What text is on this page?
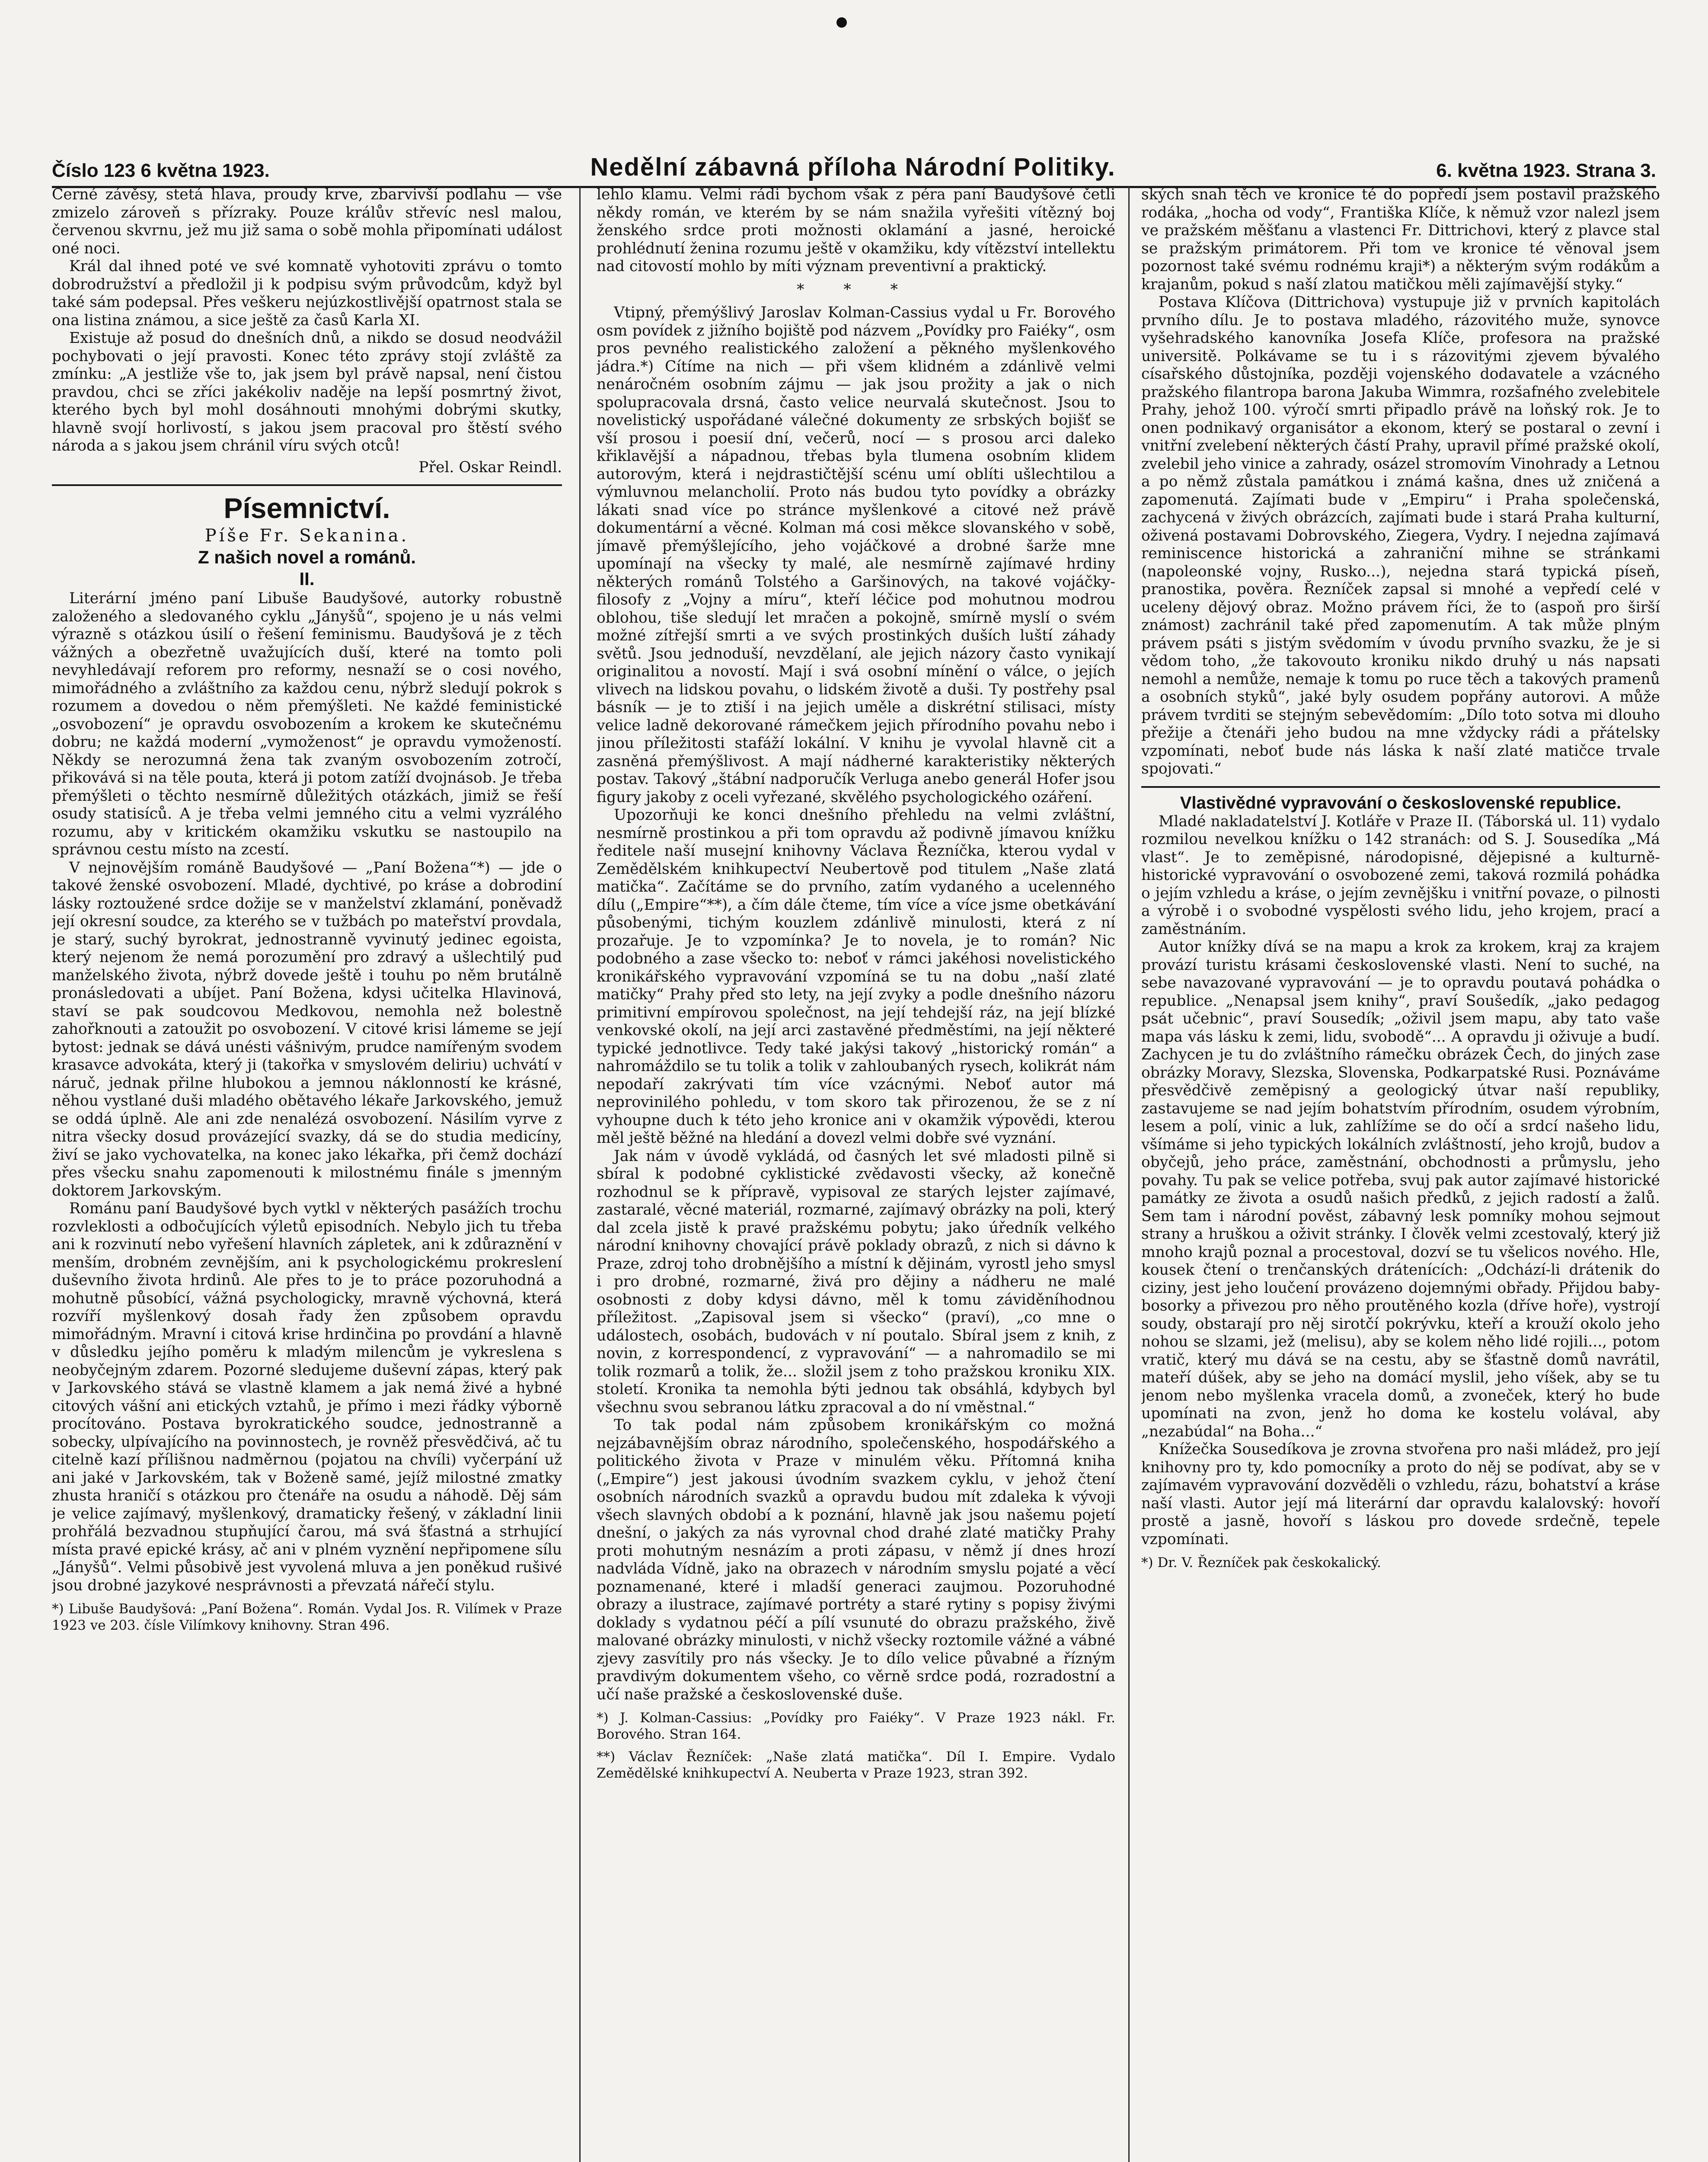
Číslo 123 6 května 1923.	Nedělní zábavná příloha Národní Politiky.	6. května 1923. Strana 3.

Černé závěsy, stetá hlava, proudy krve, zbarvivší podlahu — vše zmizelo zároveň s přízraky. Pouze králův střevíc nesl malou, červenou skvrnu, jež mu již sama o sobě mohla připomínati událost oné noci.

Král dal ihned poté ve své komnatě vyhotoviti zprávu o tomto dobrodružství a předložil ji k podpisu svým průvodcům, když byl také sám podepsal. Přes veškeru nejúzkostlivější opatrnost stala se ona listina známou, a sice ještě za časů Karla XI.

Existuje až posud do dnešních dnů, a nikdo se dosud neodvážil pochybovati o její pravosti. Konec této zprávy stojí zvláště za zmínku: „A jestliže vše to, jak jsem byl právě napsal, není čistou pravdou, chci se zříci jakékoliv naděje na lepší posmrtný život, kterého bych byl mohl dosáhnouti mnohými dobrými skutky, hlavně svojí horlivostí, s jakou jsem pracoval pro štěstí svého národa a s jakou jsem chránil víru svých otců!

Přel. Oskar Reindl.
Písemnictví.
Píše Fr. Sekanina.
Z našich novel a románů.
II.

Literární jméno paní Libuše Baudyšové, autorky robustně založeného a sledovaného cyklu „Jányšů“, spojeno je u nás velmi výrazně s otázkou úsilí o řešení feminismu. Baudyšová je z těch vážných a obezřetně uvažujících duší, které na tomto poli nevyhledávají reforem pro reformy, nesnaží se o cosi nového, mimořádného a zvláštního za každou cenu, nýbrž sledují pokrok s rozumem a dovedou o něm přemýšleti. Ne každé feministické „osvobození“ je opravdu osvobozením a krokem ke skutečnému dobru; ne každá moderní „vymoženost“ je opravdu vymožeností. Někdy se nerozumná žena tak zvaným osvobozením zotročí, přikovává si na těle pouta, která ji potom zatíží dvojnásob. Je třeba přemýšleti o těchto nesmírně důležitých otázkách, jimiž se řeší osudy statisíců. A je třeba velmi jemného citu a velmi vyzrálého rozumu, aby v kritickém okamžiku vskutku se nastoupilo na správnou cestu místo na zcestí.

V nejnovějším románě Baudyšové — „Paní Božena“*) — jde o takové ženské osvobození. Mladé, dychtivé, po kráse a dobrodiní lásky roztoužené srdce dožije se v manželství zklamání, poněvadž její okresní soudce, za kterého se v tužbách po mateřství provdala, je starý, suchý byrokrat, jednostranně vyvinutý jedinec egoista, který nejenom že nemá porozumění pro zdravý a ušlechtilý pud manželského života, nýbrž dovede ještě i touhu po něm brutálně pronásledovati a ubíjet. Paní Božena, kdysi učitelka Hlavinová, staví se pak soudcovou Medkovou, nemohla než bolestně zahořknouti a zatoužit po osvobození. V citové krisi lámeme se její bytost: jednak se dává unésti vášnivým, prudce namířeným svodem krasavce advokáta, který ji (takořka v smyslovém deliriu) uchvátí v náruč, jednak přilne hlubokou a jemnou náklonností ke krásné, něhou vystlané duši mladého obětavého lékaře Jarkovského, jemuž se oddá úplně. Ale ani zde nenalézá osvobození. Násilím vyrve z nitra všecky dosud provázející svazky, dá se do studia medicíny, živí se jako vychovatelka, na konec jako lékařka, při čemž dochází přes všecku snahu zapomenouti k milostnému finále s jmenným doktorem Jarkovským.

Románu paní Baudyšové bych vytkl v některých pasážích trochu rozvleklosti a odbočujících výletů episodních. Nebylo jich tu třeba ani k rozvinutí nebo vyřešení hlavních zápletek, ani k zdůraznění v menším, drobném zevnějším, ani k psychologickému prokreslení duševního života hrdinů. Ale přes to je to práce pozoruhodná a mohutně působící, vážná psychologicky, mravně výchovná, která rozvíří myšlenkový dosah řady žen způsobem opravdu mimořádným. Mravní i citová krise hrdinčina po provdání a hlavně v důsledku jejího poměru k mladým milencům je vykreslena s neobyčejným zdarem. Pozorné sledujeme duševní zápas, který pak v Jarkovského stává se vlastně klamem a jak nemá živé a hybné citových vášní ani etických vztahů, je přímo i mezi řádky výborně procítováno. Postava byrokratického soudce, jednostranně a sobecky, ulpívajícího na povinnostech, je rovněž přesvědčivá, ač tu citelně kazí přílišnou nadměrnou (pojatou na chvíli) vyčerpání už ani jaké v Jarkovském, tak v Boženě samé, jejíž milostné zmatky zhusta hraničí s otázkou pro čtenáře na osudu a náhodě. Děj sám je velice zajímavý, myšlenkový, dramaticky řešený, v základní linii prohřálá bezvadnou stupňující čarou, má svá šťastná a strhující místa pravé epické krásy, ač ani v plném vyznění nepřipomene sílu „Jányšů“. Velmi působivě jest vyvolená mluva a jen poněkud rušivé jsou drobné jazykové nesprávnosti a převzatá nářečí stylu.

*) Libuše Baudyšová: „Paní Božena“. Román. Vydal Jos. R. Vilímek v Praze 1923 ve 203. čísle Vilímkovy knihovny. Stran 496.

lehlo klamu. Velmi rádi bychom však z péra paní Baudyšové četli někdy román, ve kterém by se nám snažila vyřešiti vítězný boj ženského srdce proti možnosti oklamání a jasné, heroické prohlédnutí ženina rozumu ještě v okamžiku, kdy vítězství intellektu nad citovostí mohlo by míti význam preventivní a praktický.

* * *

Vtipný, přemýšlivý Jaroslav Kolman-Cassius vydal u Fr. Borového osm povídek z jižního bojiště pod názvem „Povídky pro Faiéky“, osm pros pevného realistického založení a pěkného myšlenkového jádra.*) Cítíme na nich — při všem klidném a zdánlivě velmi nenáročném osobním zájmu — jak jsou prožity a jak o nich spolupracovala drsná, často velice neurvalá skutečnost. Jsou to novelistický uspořádané válečné dokumenty ze srbských bojišť se vší prosou i poesií dní, večerů, nocí — s prosou arci daleko křiklavější a nápadnou, třebas byla tlumena osobním klidem autorovým, která i nejdrastičtější scénu umí oblíti ušlechtilou a výmluvnou melancholií. Proto nás budou tyto povídky a obrázky lákati snad více po stránce myšlenkové a citové než právě dokumentární a věcné. Kolman má cosi měkce slovanského v sobě, jímavě přemýšlejícího, jeho vojáčkové a drobné šarže mne upomínají na všecky ty malé, ale nesmírně zajímavé hrdiny některých románů Tolstého a Garšinových, na takové vojáčky-filosofy z „Vojny a míru“, kteří léčice pod mohutnou modrou oblohou, tiše sledují let mračen a pokojně, smírně myslí o svém možné zítřejší smrti a ve svých prostinkých duších luští záhady světů. Jsou jednoduší, nevzdělaní, ale jejich názory často vynikají originalitou a novostí. Mají i svá osobní mínění o válce, o jejích vlivech na lidskou povahu, o lidském životě a duši. Ty postřehy psal básník — je to ztiší i na jejich uměle a diskrétní stilisaci, místy velice ladně dekorované rámečkem jejich přírodního povahu nebo i jinou příležitosti stafáží lokální. V knihu je vyvolal hlavně cit a zasněná přemýšlivost. A mají nádherné karakteristiky některých postav. Takový „štábní nadporučík Verluga anebo generál Hofer jsou figury jakoby z oceli vyřezané, skvělého psychologického ozáření.

Upozorňuji ke konci dnešního přehledu na velmi zvláštní, nesmírně prostinkou a při tom opravdu až podivně jímavou knížku ředitele naší musejní knihovny Václava Řezníčka, kterou vydal v Zemědělském knihkupectví Neubertově pod titulem „Naše zlatá matička“. Začítáme se do prvního, zatím vydaného a ucelenného dílu („Empire“**), a čím dále čteme, tím více a více jsme obetkávání působenými, tichým kouzlem zdánlivě minulosti, která z ní prozařuje. Je to vzpomínka? Je to novela, je to román? Nic podobného a zase všecko to: neboť v rámci jakéhosi novelistického kronikářského vypravování vzpomíná se tu na dobu „naší zlaté matičky“ Prahy před sto lety, na její zvyky a podle dnešního názoru primitivní empírovou společnost, na její tehdejší ráz, na její blízké venkovské okolí, na její arci zastavěné předměstími, na její některé typické jednotlivce. Tedy také jakýsi takový „historický román“ a nahromáždilo se tu tolik a tolik v zahloubaných rysech, kolikrát nám nepodaří zakrývati tím více vzácnými. Neboť autor má neprovinilého pohledu, v tom skoro tak přirozenou, že se z ní vyhoupne duch k této jeho kronice ani v okamžik výpovědi, kterou měl ještě běžné na hledání a dovezl velmi dobře své vyznání.

Jak nám v úvodě vykládá, od časných let své mladosti pilně si sbíral k podobné cyklistické zvědavosti všecky, až konečně rozhodnul se k přípravě, vypisoval ze starých lejster zajímavé, zastaralé, věcné materiál, rozmarné, zajímavý obrázky na poli, který dal zcela jistě k pravé pražskému pobytu; jako úředník velkého národní knihovny chovající právě poklady obrazů, z nich si dávno k Praze, zdroj toho drobnějšího a místní k dějinám, vyrostl jeho smysl i pro drobné, rozmarné, živá pro dějiny a nádheru ne malé osobnosti z doby kdysi dávno, měl k tomu záviděníhodnou příležitost. „Zapisoval jsem si všecko“ (praví), „co mne o událostech, osobách, budovách v ní poutalo. Sbíral jsem z knih, z novin, z korrespondencí, z vypravování“ — a nahromadilo se mi tolik rozmarů a tolik, že... složil jsem z toho pražskou kroniku XIX. století. Kronika ta nemohla býti jednou tak obsáhlá, kdybych byl všechnu svou sebranou látku zpracoval a do ní vměstnal.“

To tak podal nám způsobem kronikářským co možná nejzábavnějším obraz národního, společenského, hospodářského a politického života v Praze v minulém věku. Přítomná kniha („Empire“) jest jakousi úvodním svazkem cyklu, v jehož čtení osobních národních svazků a opravdu budou mít zdaleka k vývoji všech slavných období a k poznání, hlavně jak jsou našemu pojetí dnešní, o jakých za nás vyrovnal chod drahé zlaté matičky Prahy proti mohutným nesnázím a proti zápasu, v němž jí dnes hrozí nadvláda Vídně, jako na obrazech v národním smyslu pojaté a věcí poznamenané, které i mladší generaci zaujmou. Pozoruhodné obrazy a ilustrace, zajímavé portréty a staré rytiny s popisy živými doklady s vydatnou péčí a pílí vsunuté do obrazu pražského, živě malované obrázky minulosti, v nichž všecky roztomile vážné a vábné zjevy zasvítily pro nás všecky. Je to dílo velice půvabné a řízným pravdivým dokumentem všeho, co věrně srdce podá, rozradostní a učí naše pražské a československé duše.

*) J. Kolman-Cassius: „Povídky pro Faiéky“. V Praze 1923 nákl. Fr. Borového. Stran 164.
**) Václav Řezníček: „Naše zlatá matička“. Díl I. Empire. Vydalo Zemědělské knihkupectví A. Neuberta v Praze 1923, stran 392.

ských snah těch ve kronice té do popředí jsem postavil pražského rodáka, „hocha od vody“, Františka Klíče, k němuž vzor nalezl jsem ve pražském měšťanu a vlastenci Fr. Dittrichovi, který z plavce stal se pražským primátorem. Při tom ve kronice té věnoval jsem pozornost také svému rodnému kraji*) a některým svým rodákům a krajanům, pokud s naší zlatou matičkou měli zajímavější styky.“

Postava Klíčova (Dittrichova) vystupuje již v prvních kapitolách prvního dílu. Je to postava mladého, rázovitého muže, synovce vyšehradského kanovníka Josefa Klíče, profesora na pražské universitě. Polkávame se tu i s rázovitými zjevem bývalého císařského důstojníka, později vojenského dodavatele a vzácného pražského filantropa barona Jakuba Wimmra, rozšafného zvelebitele Prahy, jehož 100. výročí smrti připadlo právě na loňský rok. Je to onen podnikavý organisátor a ekonom, který se postaral o zevní i vnitřní zvelebení některých částí Prahy, upravil přímé pražské okolí, zvelebil jeho vinice a zahrady, osázel stromovím Vinohrady a Letnou a po němž zůstala památkou i známá kašna, dnes už zničená a zapomenutá. Zajímati bude v „Empiru“ i Praha společenská, zachycená v živých obrázcích, zajímati bude i stará Praha kulturní, oživená postavami Dobrovského, Ziegera, Vydry. I nejedna zajímavá reminiscence historická a zahraniční mihne se stránkami (napoleonské vojny, Rusko...), nejedna stará typická píseň, pranostika, pověra. Řezníček zapsal si mnohé a vepředí celé v uceleny dějový obraz. Možno právem říci, že to (aspoň pro širší známost) zachránil také před zapomenutím. A tak může plným právem psáti s jistým svědomím v úvodu prvního svazku, že je si vědom toho, „že takovouto kroniku nikdo druhý u nás napsati nemohl a nemůže, nemaje k tomu po ruce těch a takových pramenů a osobních styků“, jaké byly osudem popřány autorovi. A může právem tvrditi se stejným sebevědomím: „Dílo toto sotva mi dlouho přežije a čtenáři jeho budou na mne vždycky rádi a přátelsky vzpomínati, neboť bude nás láska k naší zlaté matičce trvale spojovati.“

Vlastivědné vypravování o československé republice.

Mladé nakladatelství J. Kotláře v Praze II. (Táborská ul. 11) vydalo rozmilou nevelkou knížku o 142 stranách: od S. J. Sousedíka „Má vlast“. Je to zeměpisné, národopisné, dějepisné a kulturně-historické vypravování o osvobozené zemi, taková rozmilá pohádka o jejím vzhledu a kráse, o jejím zevnějšku i vnitřní povaze, o pilnosti a výrobě i o svobodné vyspělosti svého lidu, jeho krojem, prací a zaměstnáním.

Autor knížky dívá se na mapu a krok za krokem, kraj za krajem provází turistu krásami československé vlasti. Není to suché, na sebe navazované vypravování — je to opravdu poutavá pohádka o republice. „Nenapsal jsem knihy“, praví Soušedík, „jako pedagog psát učebnic“, praví Sousedík; „oživil jsem mapu, aby tato vaše mapa vás lásku k zemi, lidu, svobodě“... A opravdu ji oživuje a budí. Zachycen je tu do zvláštního rámečku obrázek Čech, do jiných zase obrázky Moravy, Slezska, Slovenska, Podkarpatské Rusi. Poznáváme přesvědčivě zeměpisný a geologický útvar naší republiky, zastavujeme se nad jejím bohatstvím přírodním, osudem výrobním, lesem a polí, vinic a luk, zahlížíme se do očí a srdcí našeho lidu, všímáme si jeho typických lokálních zvláštností, jeho krojů, budov a obyčejů, jeho práce, zaměstnání, obchodnosti a průmyslu, jeho povahy. Tu pak se velice potřeba, svuj pak autor zajímavé historické památky ze života a osudů našich předků, z jejich radostí a žalů. Sem tam i národní pověst, zábavný lesk pomníky mohou sejmout strany a hruškou a oživit stránky. I člověk velmi zcestovalý, který již mnoho krajů poznal a procestoval, dozví se tu všelicos nového. Hle, kousek čtení o trenčanských drátenících: „Odchází-li drátenik do ciziny, jest jeho loučení provázeno dojemnými obřady. Přijdou baby-bosorky a přivezou pro něho proutěného kozla (dříve hoře), vystrojí soudy, obstarají pro něj sirotčí pokrývku, kteří a krouží okolo jeho nohou se slzami, jež (melisu), aby se kolem něho lidé rojili..., potom vratič, který mu dává se na cestu, aby se šťastně domů navrátil, mateří dúšek, aby se jeho na domácí myslil, jeho víšek, aby se tu jenom nebo myšlenka vracela domů, a zvoneček, který ho bude upomínati na zvon, jenž ho doma ke kostelu volával, aby „nezabúdal“ na Boha...“

Knížečka Sousedíkova je zrovna stvořena pro naši mládež, pro její knihovny pro ty, kdo pomocníky a proto do něj se podívat, aby se v zajímavém vypravování dozvěděli o vzhledu, rázu, bohatství a kráse naší vlasti. Autor její má literární dar opravdu kalalovský: hovoří prostě a jasně, hovoří s láskou pro dovede srdečně, tepele vzpomínati.

*) Dr. V. Řezníček pak českokalický.
